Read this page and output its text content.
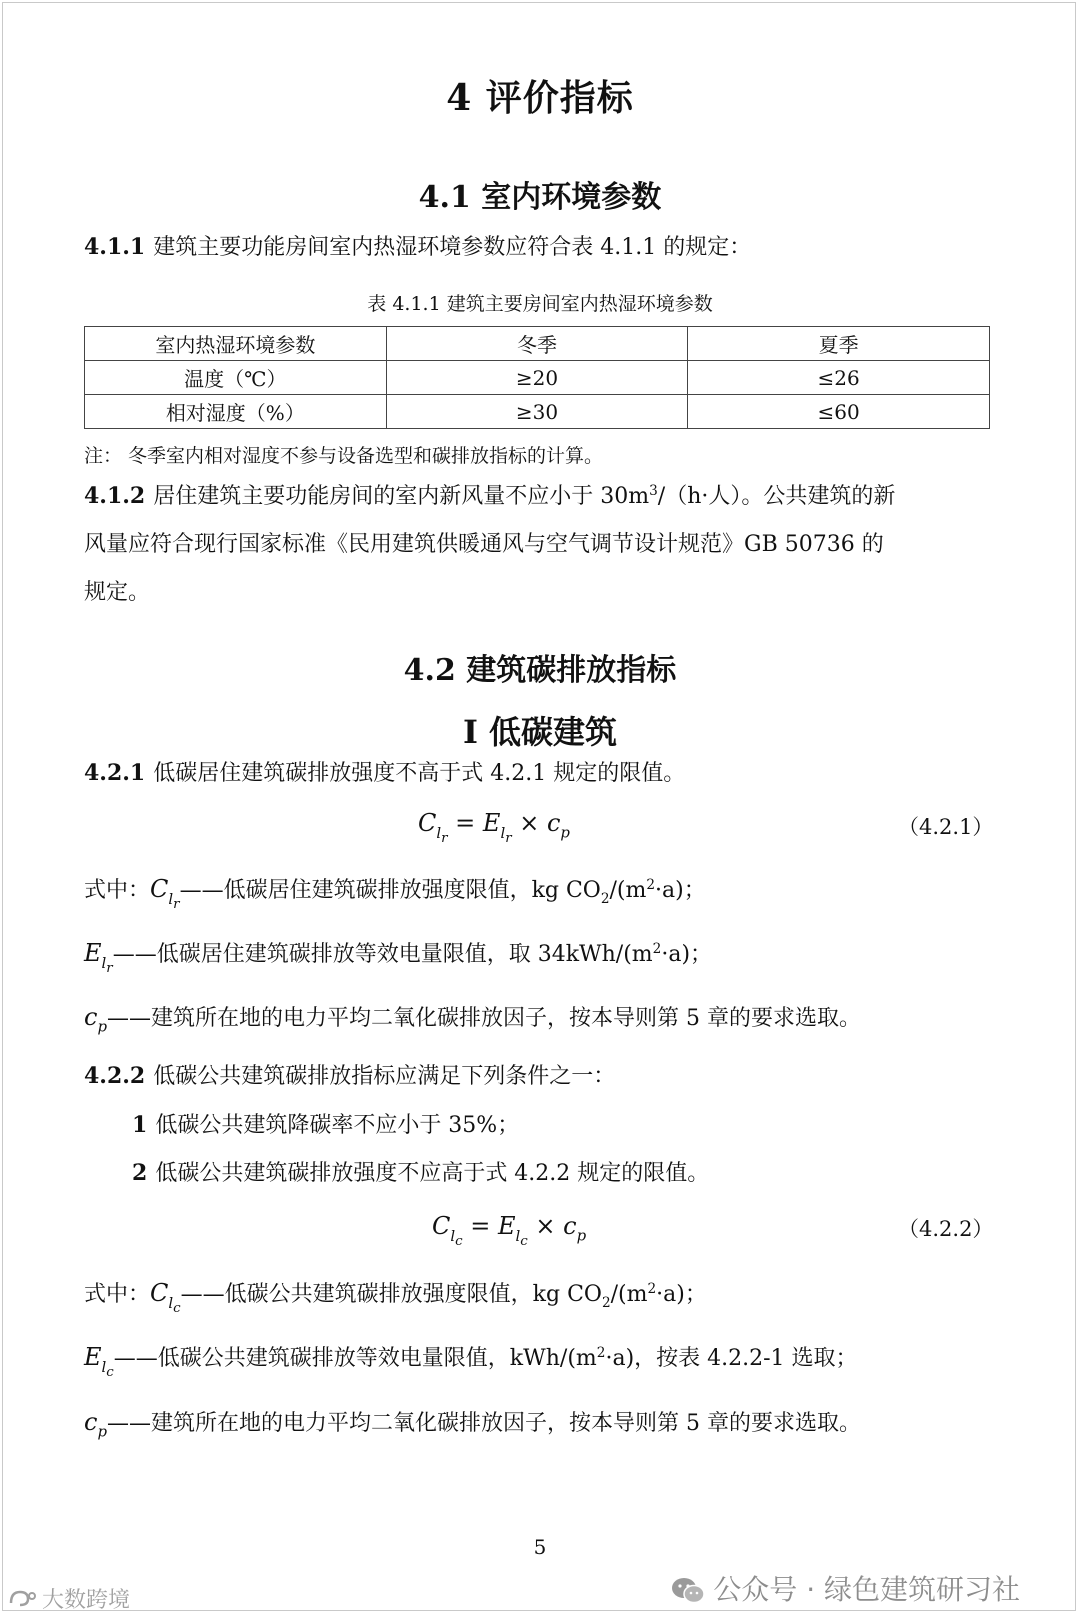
4 评价指标
4.1 室内环境参数
4.1.1 建筑主要功能房间室内热湿环境参数应符合表 4.1.1 的规定：
表 4.1.1 建筑主要房间室内热湿环境参数
室内热湿环境参数	冬季	夏季
温度（℃）	≥20	≤26
相对湿度（%）	≥30	≤60
注： 冬季室内相对湿度不参与设备选型和碳排放指标的计算。
4.1.2 居住建筑主要功能房间的室内新风量不应小于 $30m^3/(h\cdot$人）。公共建筑的新
风量应符合现行国家标准《民用建筑供暖通风与空气调节设计规范》GB 50736 的
规定。
4.2 建筑碳排放指标
Ⅰ 低碳建筑
4.2.1 低碳居住建筑碳排放强度不高于式 4.2.1 规定的限值。
$C_{l_r} = E_{l_r} \times c_p$	（4.2.1）
式中：$C_{l_r}——$低碳居住建筑碳排放强度限值，kg $CO_2/(m^2\cdot a)$；
$E_{l_r}——$低碳居住建筑碳排放等效电量限值，取 $34kWh/(m^2\cdot a)$；
$c_p——$建筑所在地的电力平均二氧化碳排放因子，按本导则第 5 章的要求选取。
4.2.2 低碳公共建筑碳排放指标应满足下列条件之一：
1 低碳公共建筑降碳率不应小于 35%；
2 低碳公共建筑碳排放强度不应高于式 4.2.2 规定的限值。
$C_{l_c} = E_{l_c} \times c_p$	（4.2.2）
式中：$C_{l_c}——$低碳公共建筑碳排放强度限值，kg $CO_2/(m^2\cdot a)$；
$E_{l_c}——$低碳公共建筑碳排放等效电量限值，kWh/$(m^2\cdot a)$，按表 4.2.2-1 选取；
$c_p——$建筑所在地的电力平均二氧化碳排放因子，按本导则第 5 章的要求选取。
5
公众号 · 绿色建筑研习社
大数跨境
